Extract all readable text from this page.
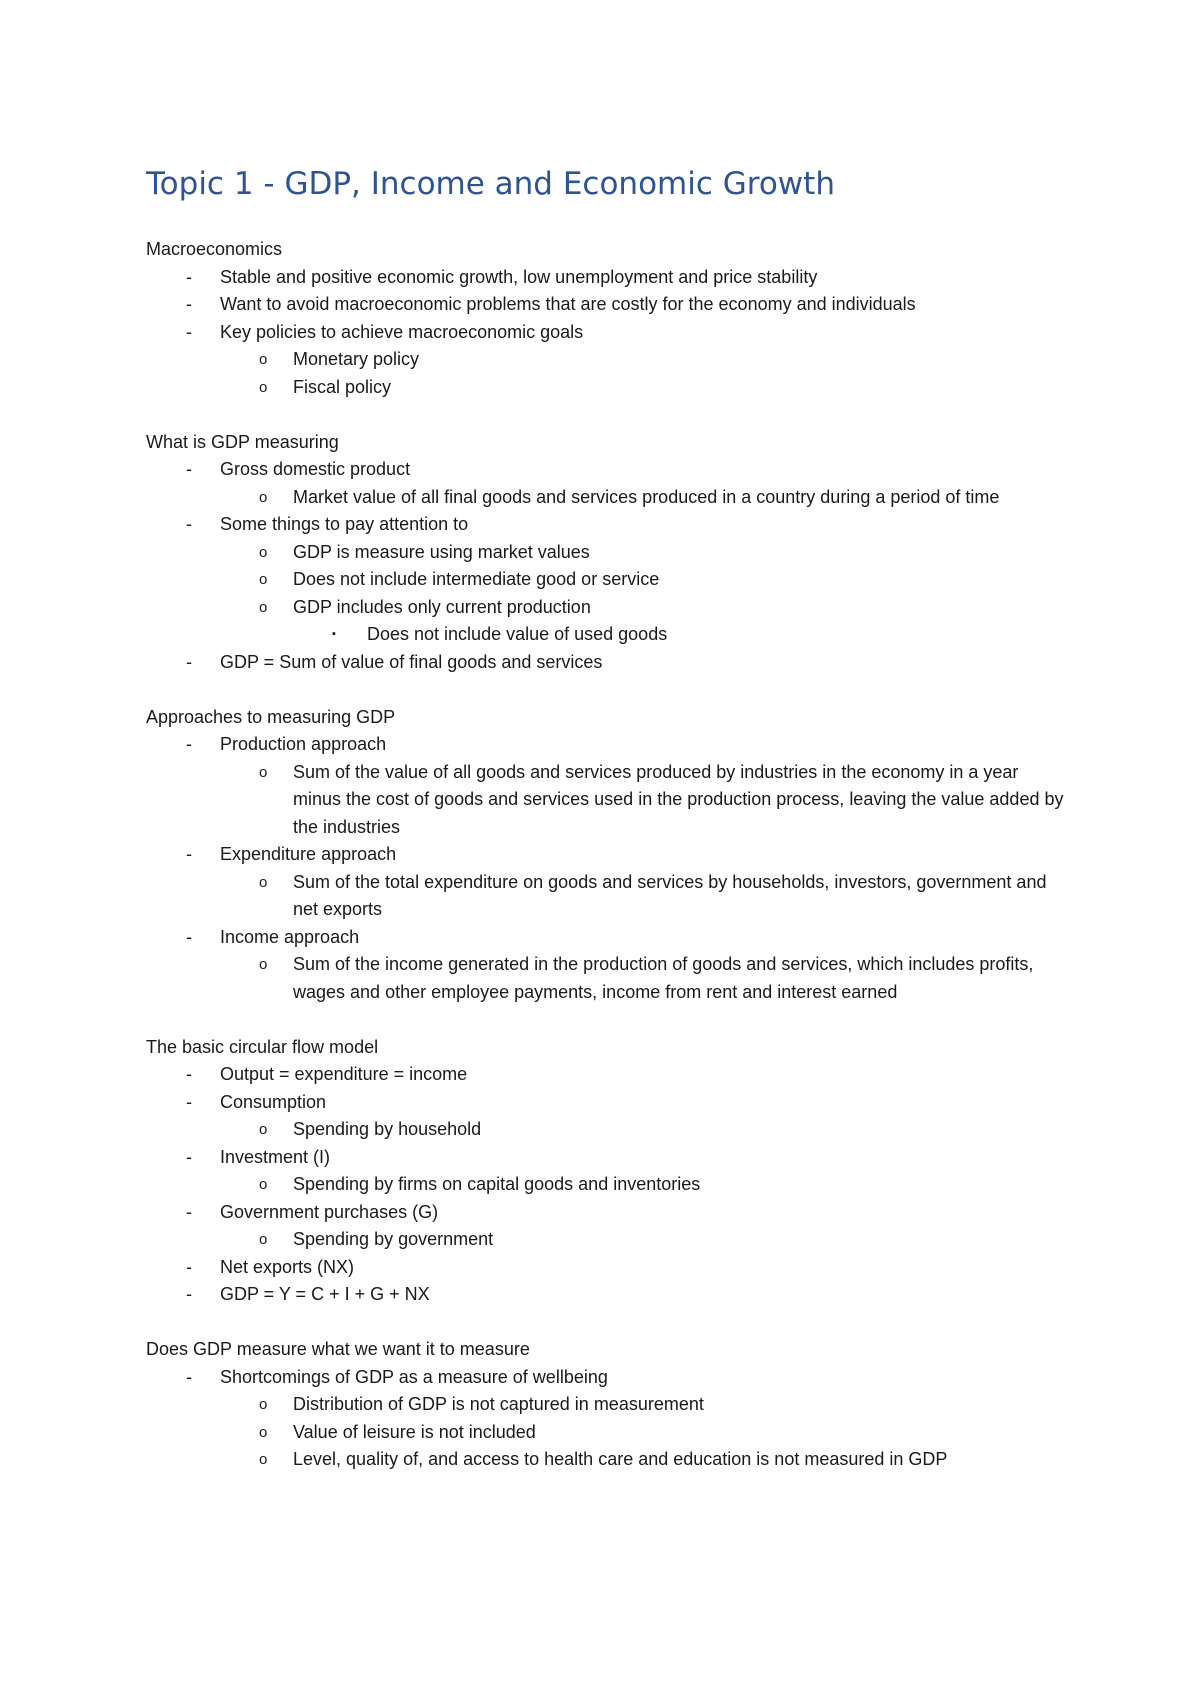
Topic 1 - GDP, Income and Economic Growth
Macroeconomics
- Stable and positive economic growth, low unemployment and price stability
- Want to avoid macroeconomic problems that are costly for the economy and individuals
- Key policies to achieve macroeconomic goals
o Monetary policy
o Fiscal policy
What is GDP measuring
- Gross domestic product
o Market value of all final goods and services produced in a country during a period of time
- Some things to pay attention to
o GDP is measure using market values
o Does not include intermediate good or service
o GDP includes only current production
▪ Does not include value of used goods
- GDP = Sum of value of final goods and services
Approaches to measuring GDP
- Production approach
o Sum of the value of all goods and services produced by industries in the economy in a year minus the cost of goods and services used in the production process, leaving the value added by the industries
- Expenditure approach
o Sum of the total expenditure on goods and services by households, investors, government and net exports
- Income approach
o Sum of the income generated in the production of goods and services, which includes profits, wages and other employee payments, income from rent and interest earned
The basic circular flow model
- Output = expenditure = income
- Consumption
o Spending by household
- Investment (I)
o Spending by firms on capital goods and inventories
- Government purchases (G)
o Spending by government
- Net exports (NX)
- GDP = Y = C + I + G + NX
Does GDP measure what we want it to measure
- Shortcomings of GDP as a measure of wellbeing
o Distribution of GDP is not captured in measurement
o Value of leisure is not included
o Level, quality of, and access to health care and education is not measured in GDP
